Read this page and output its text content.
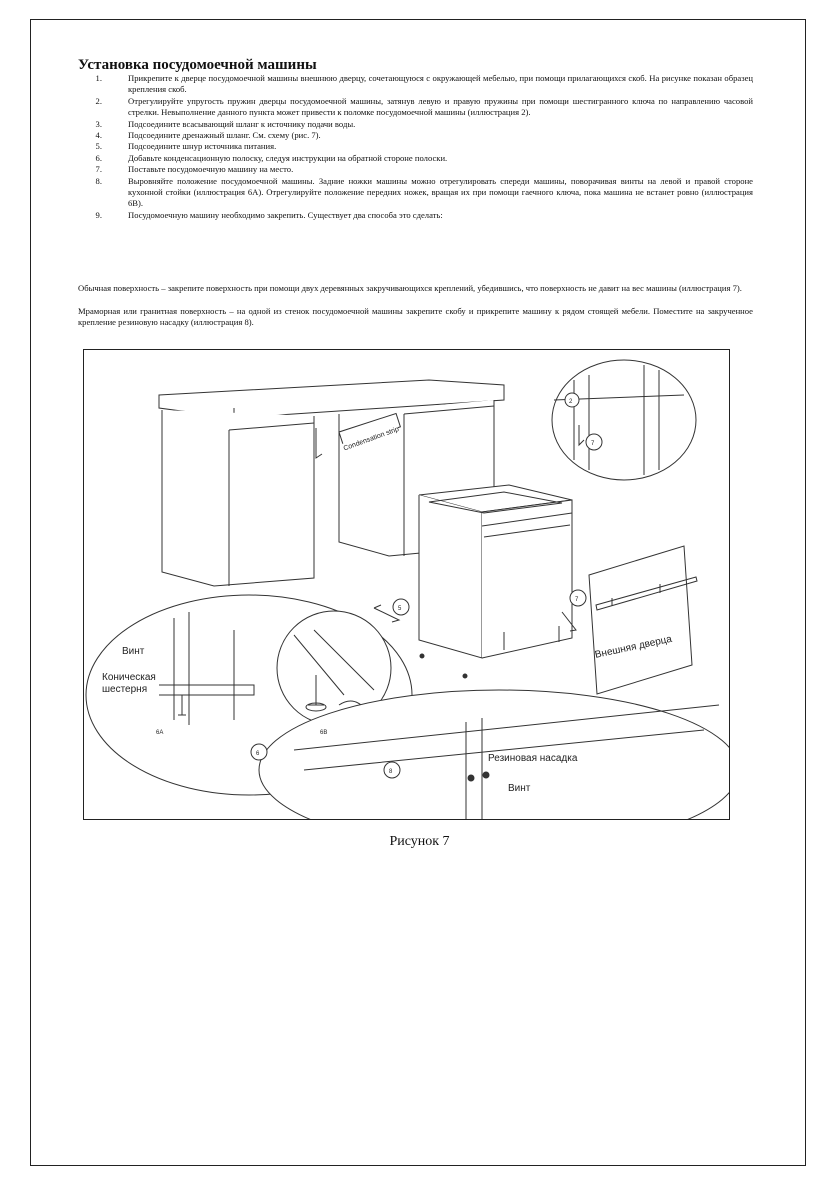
Установка посудомоечной машины
1.	Прикрепите к дверце посудомоечной машины внешнюю дверцу, сочетающуюся с окружающей мебелью, при помощи прилагающихся скоб. На рисунке показан образец крепления скоб.
2.	Отрегулируйте упругость пружин дверцы посудомоечной машины, затянув левую и правую пружины при помощи шестигранного ключа по направлению часовой стрелки. Невыполнение данного пункта может привести к поломке посудомоечной машины (иллюстрация 2).
3.	Подсоедините всасывающий шланг к источнику подачи воды.
4.	Подсоедините дренажный шланг. См. схему (рис. 7).
5.	Подсоедините шнур источника питания.
6.	Добавьте конденсационную полоску, следуя инструкции на обратной стороне полоски.
7.	Поставьте посудомоечную машину на место.
8.	Выровняйте положение посудомоечной машины. Задние ножки машины можно отрегулировать спереди машины, поворачивая винты на левой и правой стороне кухонной стойки (иллюстрация 6А). Отрегулируйте положение передних ножек, вращая их при помощи гаечного ключа, пока машина не встанет ровно (иллюстрация 6В).
9.	Посудомоечную машину необходимо закрепить. Существует два способа это сделать:

Обычная поверхность – закрепите поверхность при помощи двух деревянных закручивающихся креплений, убедившись, что поверхность не давит на вес машины (иллюстрация 7).

Мраморная или гранитная поверхность – на одной из стенок посудомоечной машины закрепите скобу и прикрепите машину к рядом стоящей мебели. Поместите на закрученное крепление резиновую насадку (иллюстрация 8).

Condensation strip
Внешняя дверца
Винт
Коническая
шестерня
6A	6B
Резиновая насадка
Винт
2
5
6
7
7
8

Рисунок 7
